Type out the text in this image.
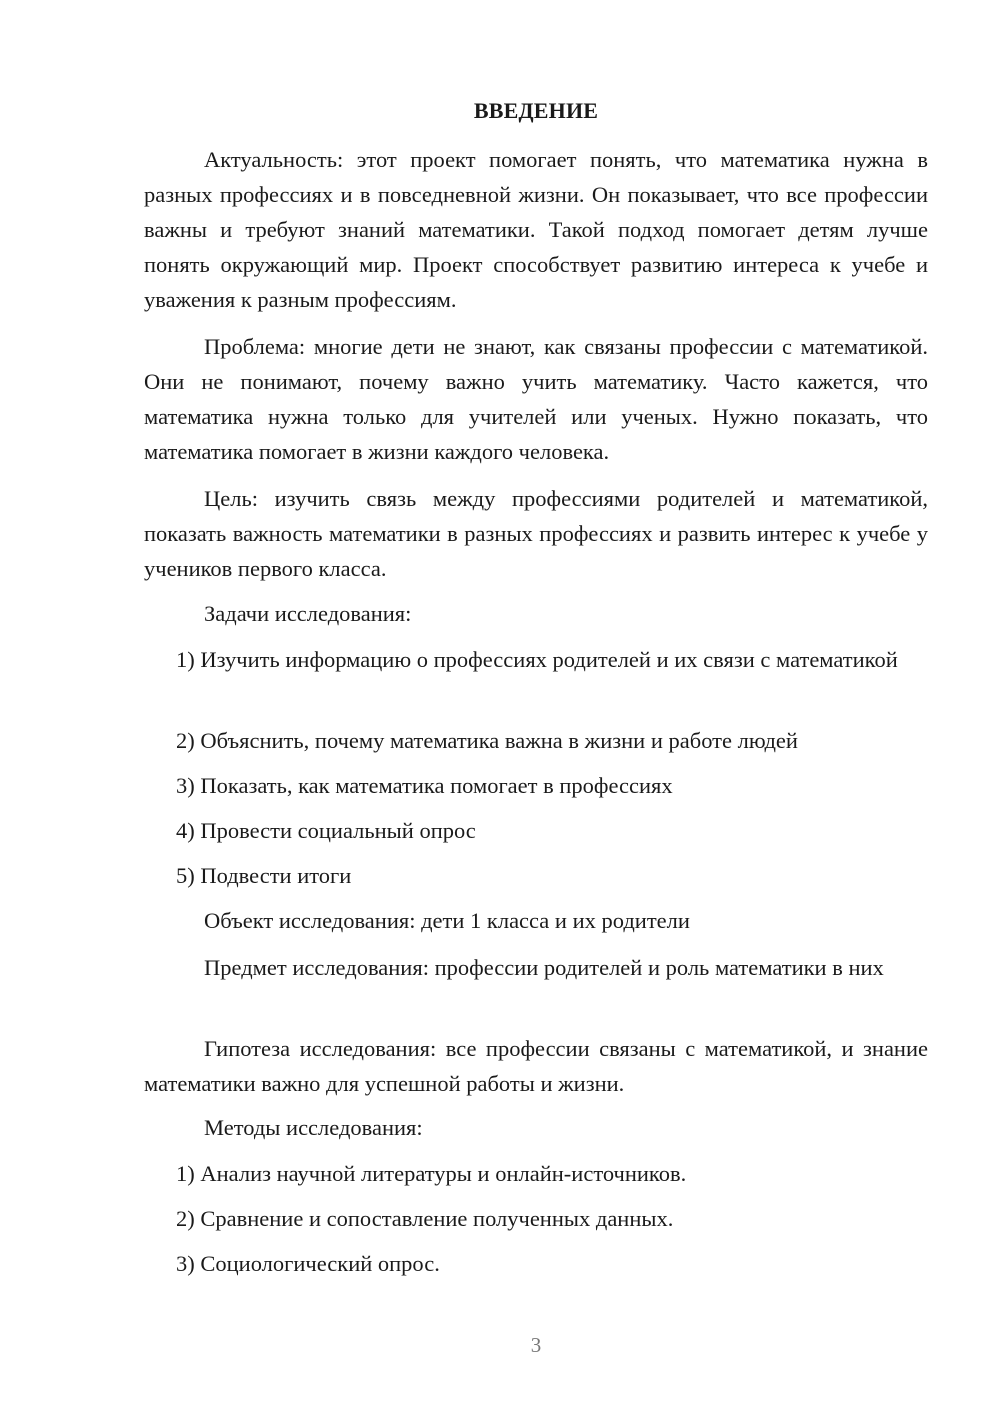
ВВЕДЕНИЕ

Актуальность: этот проект помогает понять, что математика нужна в разных профессиях и в повседневной жизни. Он показывает, что все профессии важны и требуют знаний математики. Такой подход помогает детям лучше понять окружающий мир. Проект способствует развитию интереса к учебе и уважения к разным профессиям.

Проблема: многие дети не знают, как связаны профессии с математикой. Они не понимают, почему важно учить математику. Часто кажется, что математика нужна только для учителей или ученых. Нужно показать, что математика помогает в жизни каждого человека.

Цель: изучить связь между профессиями родителей и математикой, показать важность математики в разных профессиях и развить интерес к учебе у учеников первого класса.

Задачи исследования:

1) Изучить информацию о профессиях родителей и их связи с математикой

2) Объяснить, почему математика важна в жизни и работе людей

3) Показать, как математика помогает в профессиях

4) Провести социальный опрос

5) Подвести итоги

Объект исследования: дети 1 класса и их родители

Предмет исследования: профессии родителей и роль математики в них

Гипотеза исследования: все профессии связаны с математикой, и знание математики важно для успешной работы и жизни.

Методы исследования:

1) Анализ научной литературы и онлайн-источников.

2) Сравнение и сопоставление полученных данных.

3) Социологический опрос.

3
